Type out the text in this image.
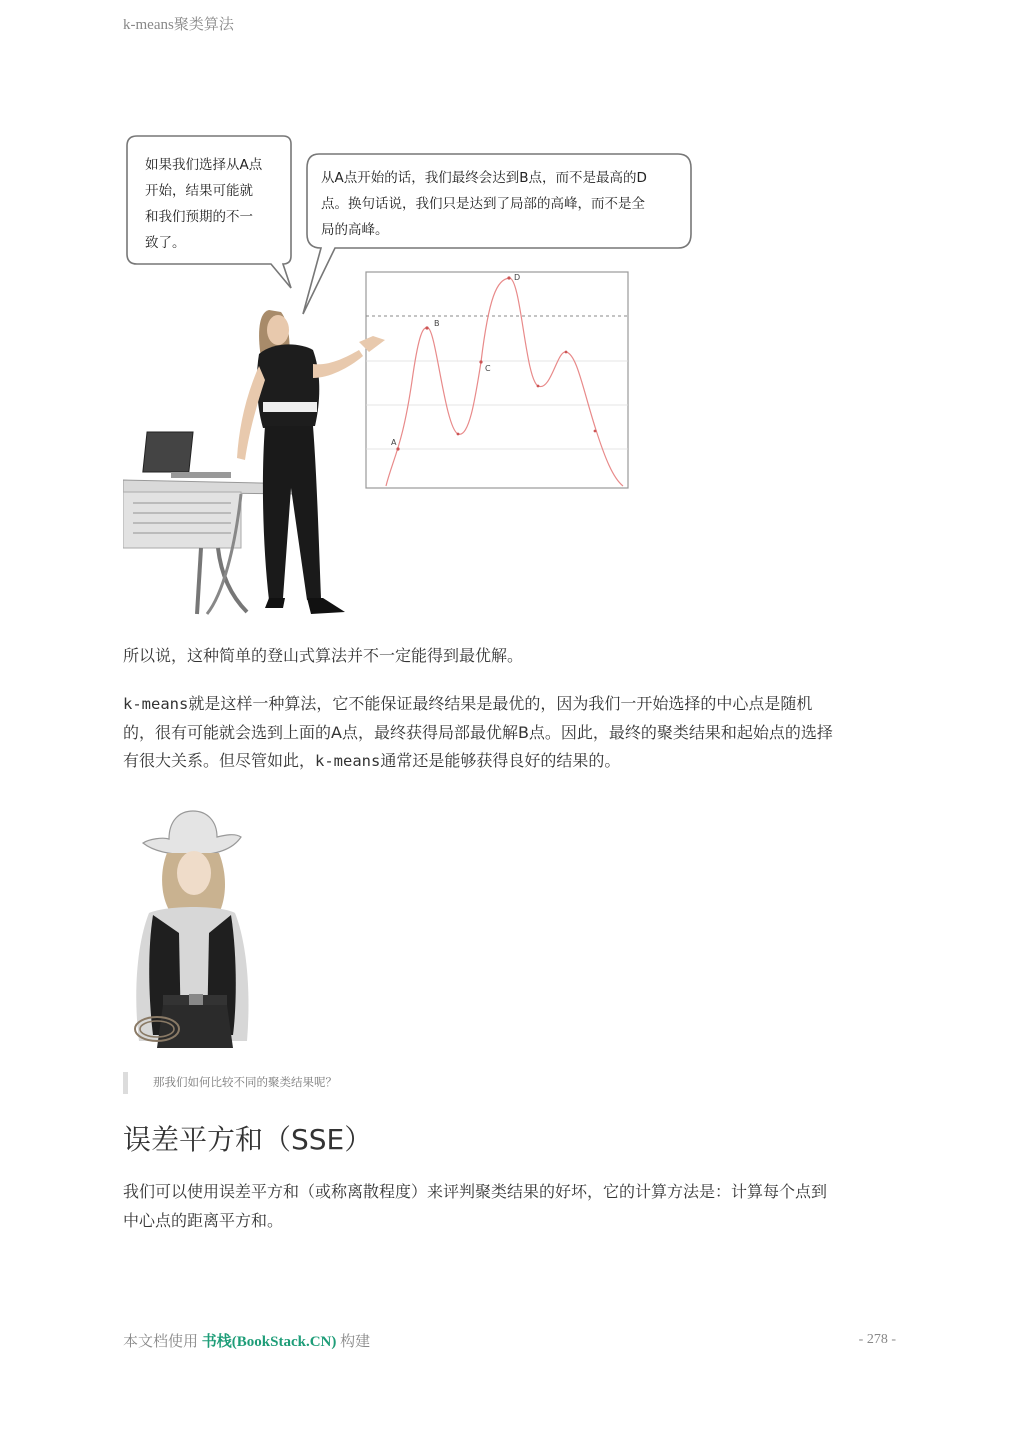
k-means聚类算法
如果我们选择从A点
开始，结果可能就
和我们预期的不一
致了。
从A点开始的话，我们最终会达到B点，而不是最高的D
点。换句话说，我们只是达到了局部的高峰，而不是全
局的高峰。
A
B
C
D
所以说，这种简单的登山式算法并不一定能得到最优解。
k-means就是这样一种算法，它不能保证最终结果是最优的，因为我们一开始选择的中心点是随机
的，很有可能就会选到上面的A点，最终获得局部最优解B点。因此，最终的聚类结果和起始点的选择
有很大关系。但尽管如此，k-means通常还是能够获得良好的结果的。
那我们如何比较不同的聚类结果呢？
误差平方和（SSE）
我们可以使用误差平方和（或称离散程度）来评判聚类结果的好坏，它的计算方法是：计算每个点到
中心点的距离平方和。
本文档使用 书栈(BookStack.CN) 构建	- 278 -
